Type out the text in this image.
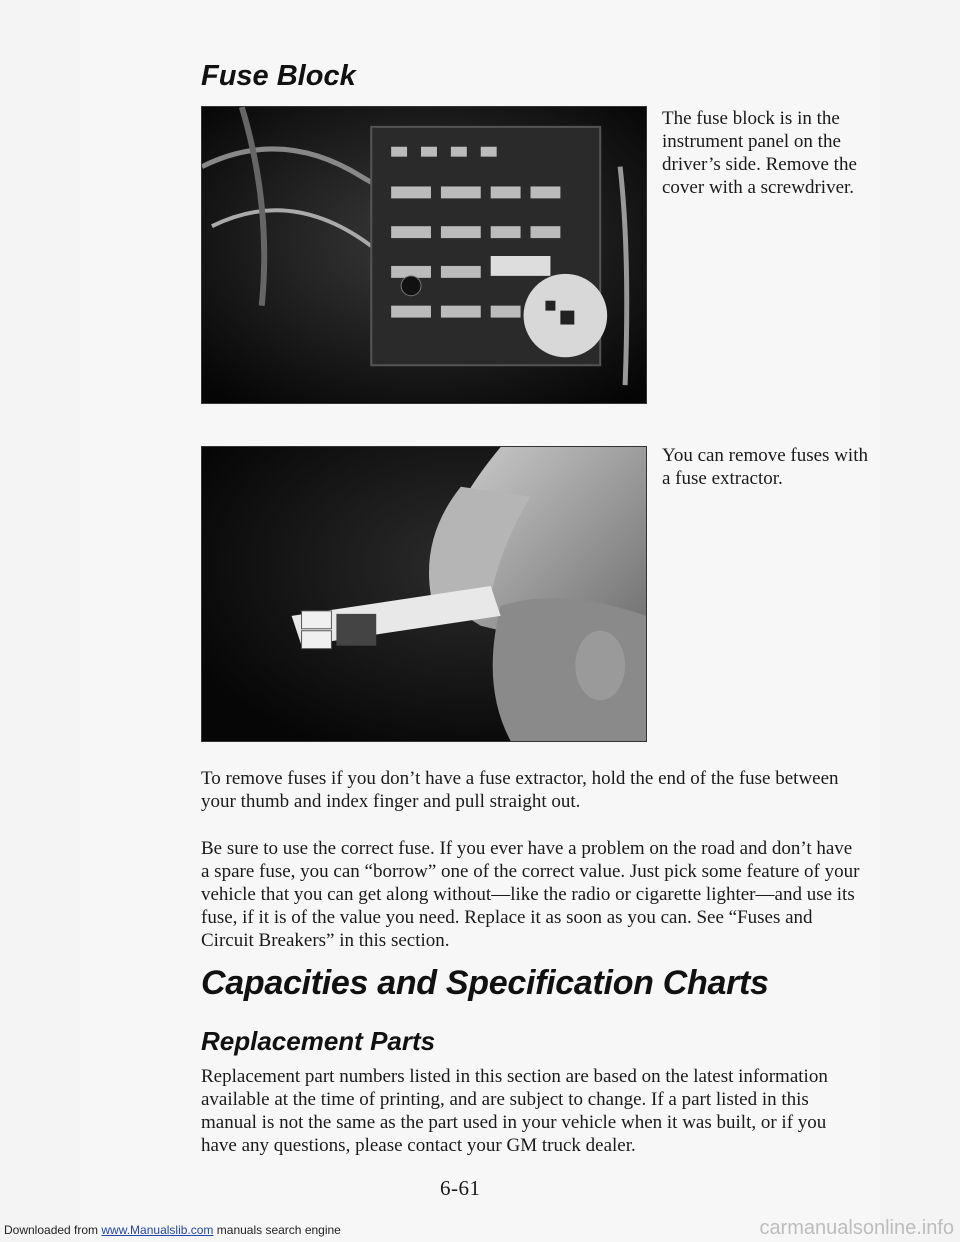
Fuse Block

The fuse block is in the instrument panel on the driver’s side. Remove the cover with a screwdriver.

You can remove fuses with a fuse extractor.

To remove fuses if you don’t have a fuse extractor, hold the end of the fuse between your thumb and index finger and pull straight out.

Be sure to use the correct fuse. If you ever have a problem on the road and don’t have a spare fuse, you can “borrow” one of the correct value. Just pick some feature of your vehicle that you can get along without—like the radio or cigarette lighter—and use its fuse, if it is of the value you need. Replace it as soon as you can. See “Fuses and Circuit Breakers” in this section.

Capacities and Specification Charts
Replacement Parts

Replacement part numbers listed in this section are based on the latest information available at the time of printing, and are subject to change. If a part listed in this manual is not the same as the part used in your vehicle when it was built, or if you have any questions, please contact your GM truck dealer.

6-61

Downloaded from www.Manualslib.com manuals search engine	carmanualsonline.info
